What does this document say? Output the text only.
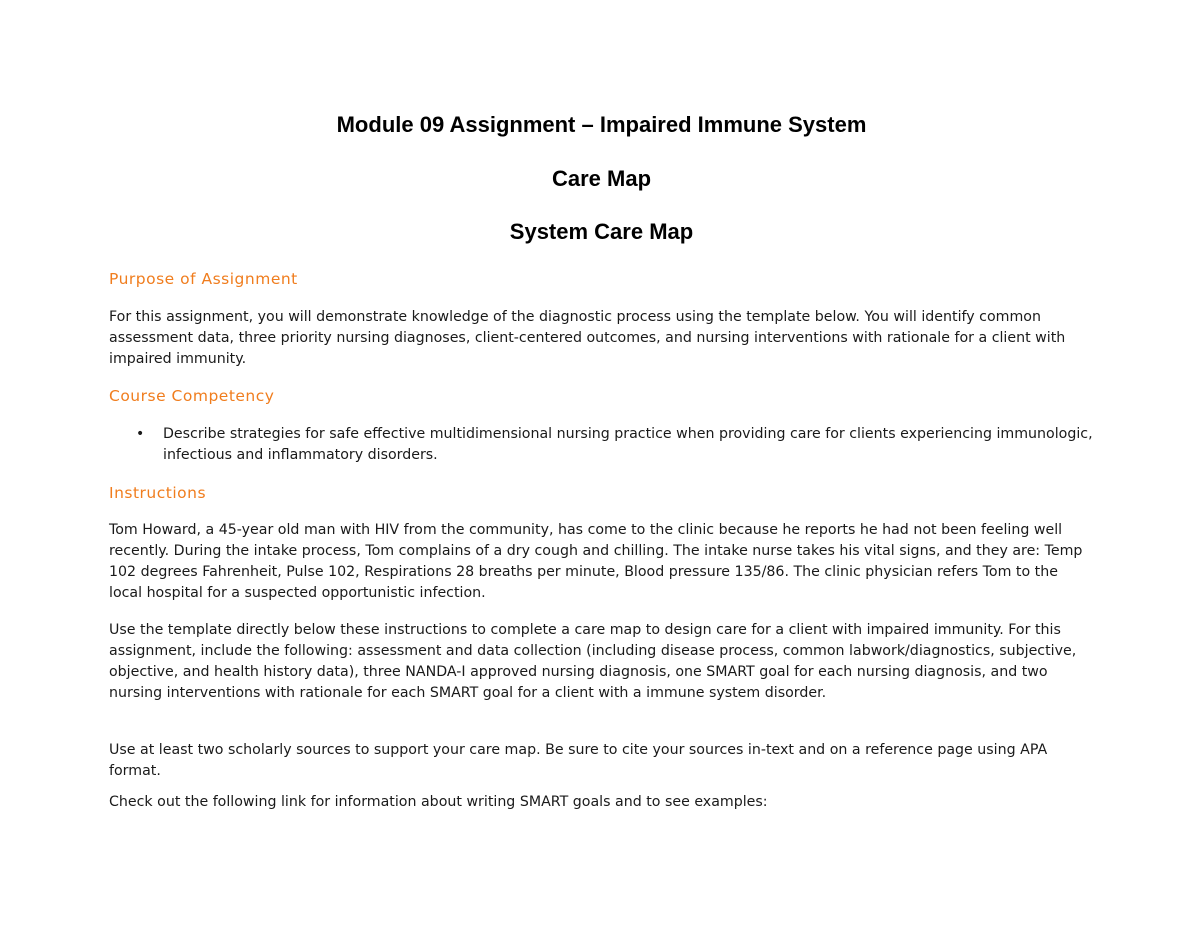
Module 09 Assignment – Impaired Immune System
Care Map
System Care Map
Purpose of Assignment

For this assignment, you will demonstrate knowledge of the diagnostic process using the template below. You will identify common assessment data, three priority nursing diagnoses, client-centered outcomes, and nursing interventions with rationale for a client with impaired immunity.

Course Competency
• Describe strategies for safe effective multidimensional nursing practice when providing care for clients experiencing immunologic, infectious and inflammatory disorders.
Instructions

Tom Howard, a 45-year old man with HIV from the community, has come to the clinic because he reports he had not been feeling well recently. During the intake process, Tom complains of a dry cough and chilling. The intake nurse takes his vital signs, and they are: Temp 102 degrees Fahrenheit, Pulse 102, Respirations 28 breaths per minute, Blood pressure 135/86. The clinic physician refers Tom to the local hospital for a suspected opportunistic infection.

Use the template directly below these instructions to complete a care map to design care for a client with impaired immunity. For this assignment, include the following: assessment and data collection (including disease process, common labwork/diagnostics, subjective, objective, and health history data), three NANDA-I approved nursing diagnosis, one SMART goal for each nursing diagnosis, and two nursing interventions with rationale for each SMART goal for a client with a immune system disorder.

Use at least two scholarly sources to support your care map. Be sure to cite your sources in-text and on a reference page using APA format.

Check out the following link for information about writing SMART goals and to see examples:
